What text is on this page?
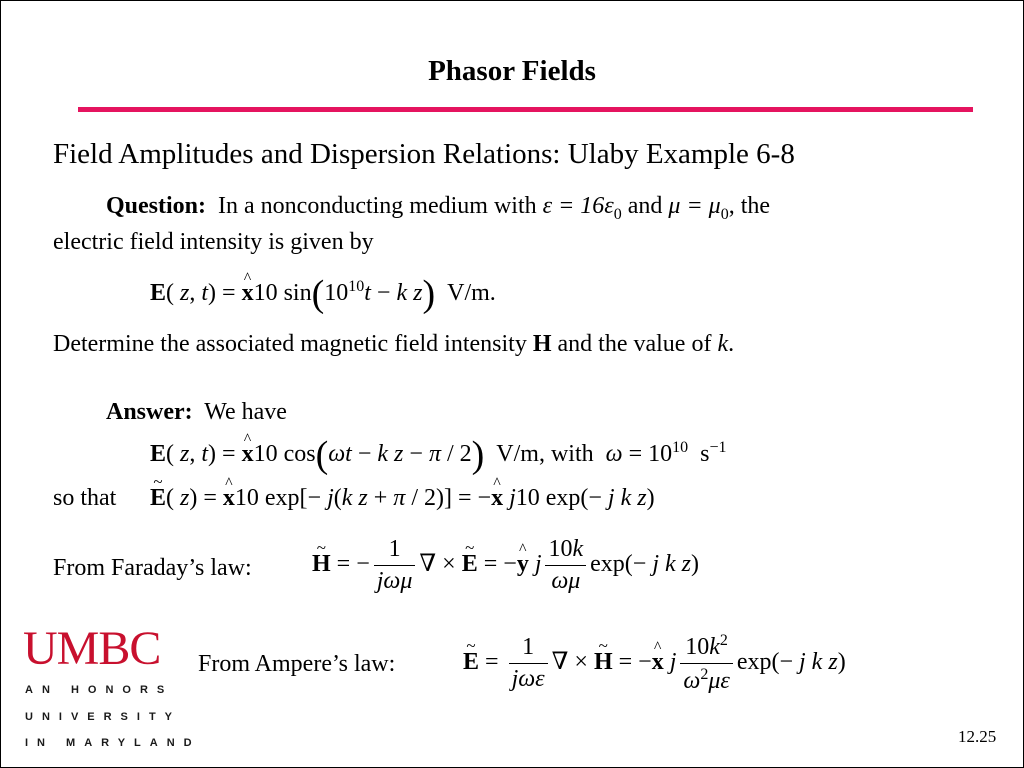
Phasor Fields
Field Amplitudes and Dispersion Relations: Ulaby Example 6-8
Question: In a nonconducting medium with $\varepsilon = 16\varepsilon_0$ and $\mu = \mu_0$, the
electric field intensity is given by
E( z, t) = ^ x10 $\sin(10^{10}t - k$ z) V/m.
Determine the associated magnetic field intensity H and the value of k.
Answer: We have
E( z, t) = ^ x10 cos(ωt − k z − π / 2) V/m, with $\omega = 10^{10}$  $s^{-1}$
so that ~ E( z) = ^ x10 exp[− j(k z + π / 2)] = −^ x j10 exp(− j k z)
From Faraday’s law:	~ H = − $\frac{1}{\text{jωμ}}$ ∇ × ~ E = −^ y j $\frac{10k}{\omega\mu} \exp(- j$ k z)
From Ampere’s law:	~ $E = \frac{1}{\text{jωε}}$ ∇ × ~ H = −^ x j $\frac{10k^2}{\omega^2\mu\varepsilon} \exp(- j$ k z)
UMBC
AN HONORS
UNIVERSITY
IN MARYLAND	12.25
